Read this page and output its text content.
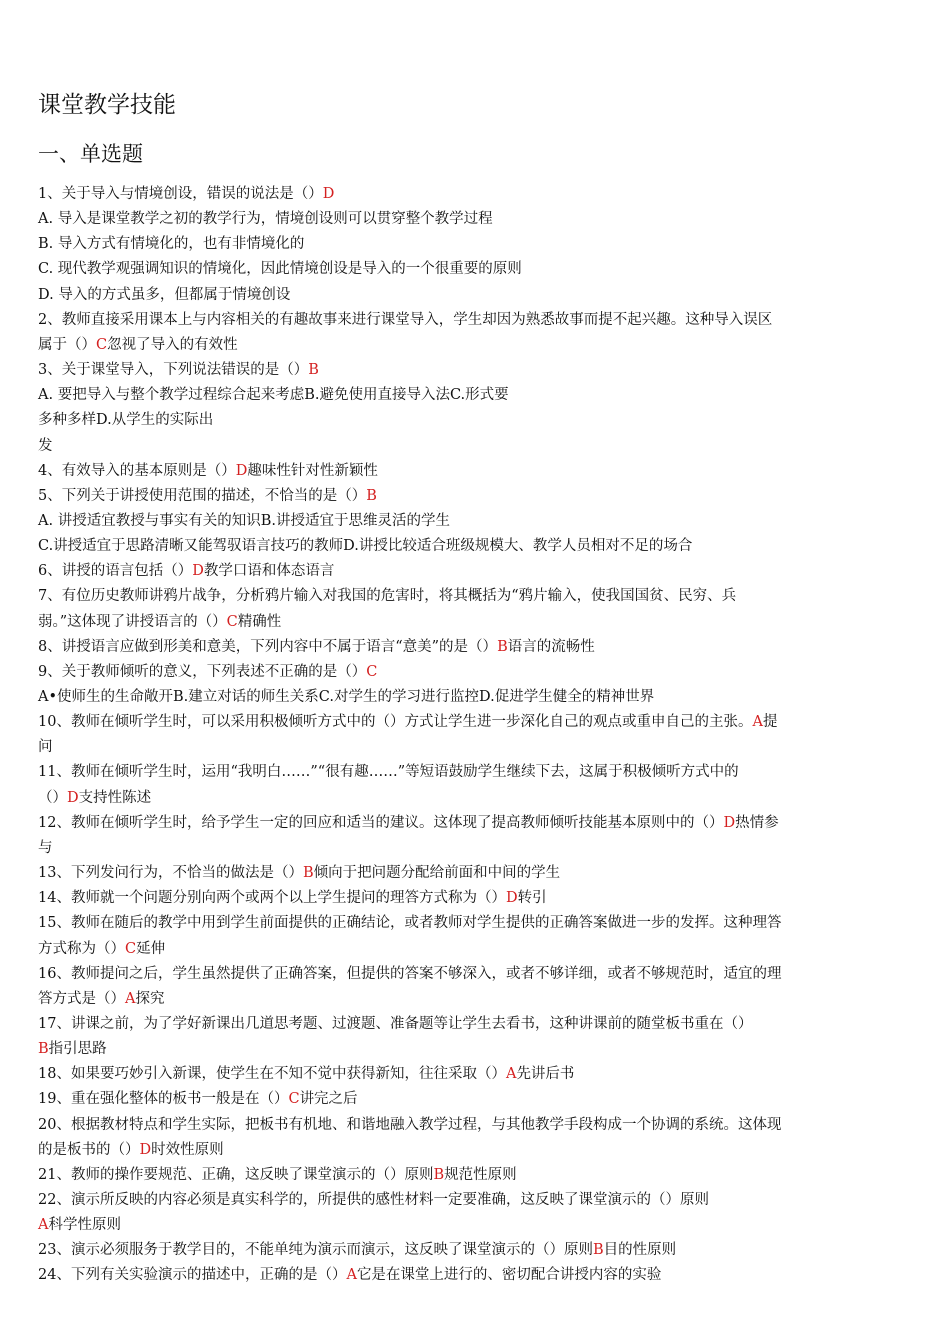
课堂教学技能
一、单选题
1、关于导入与情境创设，错误的说法是（）D
A. 导入是课堂教学之初的教学行为，情境创设则可以贯穿整个教学过程
B. 导入方式有情境化的，也有非情境化的
C. 现代教学观强调知识的情境化，因此情境创设是导入的一个很重要的原则
D. 导入的方式虽多，但都属于情境创设
2、教师直接采用课本上与内容相关的有趣故事来进行课堂导入，学生却因为熟悉故事而提不起兴趣。这种导入误区
属于（）C忽视了导入的有效性
3、关于课堂导入，下列说法错误的是（）B
A. 要把导入与整个教学过程综合起来考虑B.避免使用直接导入法C.形式要
多种多样D.从学生的实际出
发
4、有效导入的基本原则是（）D趣味性针对性新颖性
5、下列关于讲授使用范围的描述，不恰当的是（）B
A. 讲授适宜教授与事实有关的知识B.讲授适宜于思维灵活的学生
C.讲授适宜于思路清晰又能驾驭语言技巧的教师D.讲授比较适合班级规模大、教学人员相对不足的场合
6、讲授的语言包括（）D教学口语和体态语言
7、有位历史教师讲鸦片战争，分析鸦片输入对我国的危害时，将其概括为“鸦片输入，使我国国贫、民穷、兵
弱。”这体现了讲授语言的（）C精确性
8、讲授语言应做到形美和意美，下列内容中不属于语言“意美”的是（）B语言的流畅性
9、关于教师倾听的意义，下列表述不正确的是（）C
A•使师生的生命敞开B.建立对话的师生关系C.对学生的学习进行监控D.促进学生健全的精神世界
10、教师在倾听学生时，可以采用积极倾听方式中的（）方式让学生进一步深化自己的观点或重申自己的主张。A提
问
11、教师在倾听学生时，运用“我明白……”“很有趣……”等短语鼓励学生继续下去，这属于积极倾听方式中的
（）D支持性陈述
12、教师在倾听学生时，给予学生一定的回应和适当的建议。这体现了提高教师倾听技能基本原则中的（）D热情参
与
13、下列发问行为，不恰当的做法是（）B倾向于把问题分配给前面和中间的学生
14、教师就一个问题分别向两个或两个以上学生提问的理答方式称为（）D转引
15、教师在随后的教学中用到学生前面提供的正确结论，或者教师对学生提供的正确答案做进一步的发挥。这种理答
方式称为（）C延伸
16、教师提问之后，学生虽然提供了正确答案，但提供的答案不够深入，或者不够详细，或者不够规范时，适宜的理
答方式是（）A探究
17、讲课之前，为了学好新课出几道思考题、过渡题、准备题等让学生去看书，这种讲课前的随堂板书重在（）
B指引思路
18、如果要巧妙引入新课，使学生在不知不觉中获得新知，往往采取（）A先讲后书
19、重在强化整体的板书一般是在（）C讲完之后
20、根据教材特点和学生实际，把板书有机地、和谐地融入教学过程，与其他教学手段构成一个协调的系统。这体现
的是板书的（）D时效性原则
21、教师的操作要规范、正确，这反映了课堂演示的（）原则B规范性原则
22、演示所反映的内容必须是真实科学的，所提供的感性材料一定要准确，这反映了课堂演示的（）原则
A科学性原则
23、演示必须服务于教学目的，不能单纯为演示而演示，这反映了课堂演示的（）原则B目的性原则
24、下列有关实验演示的描述中，正确的是（）A它是在课堂上进行的、密切配合讲授内容的实验
